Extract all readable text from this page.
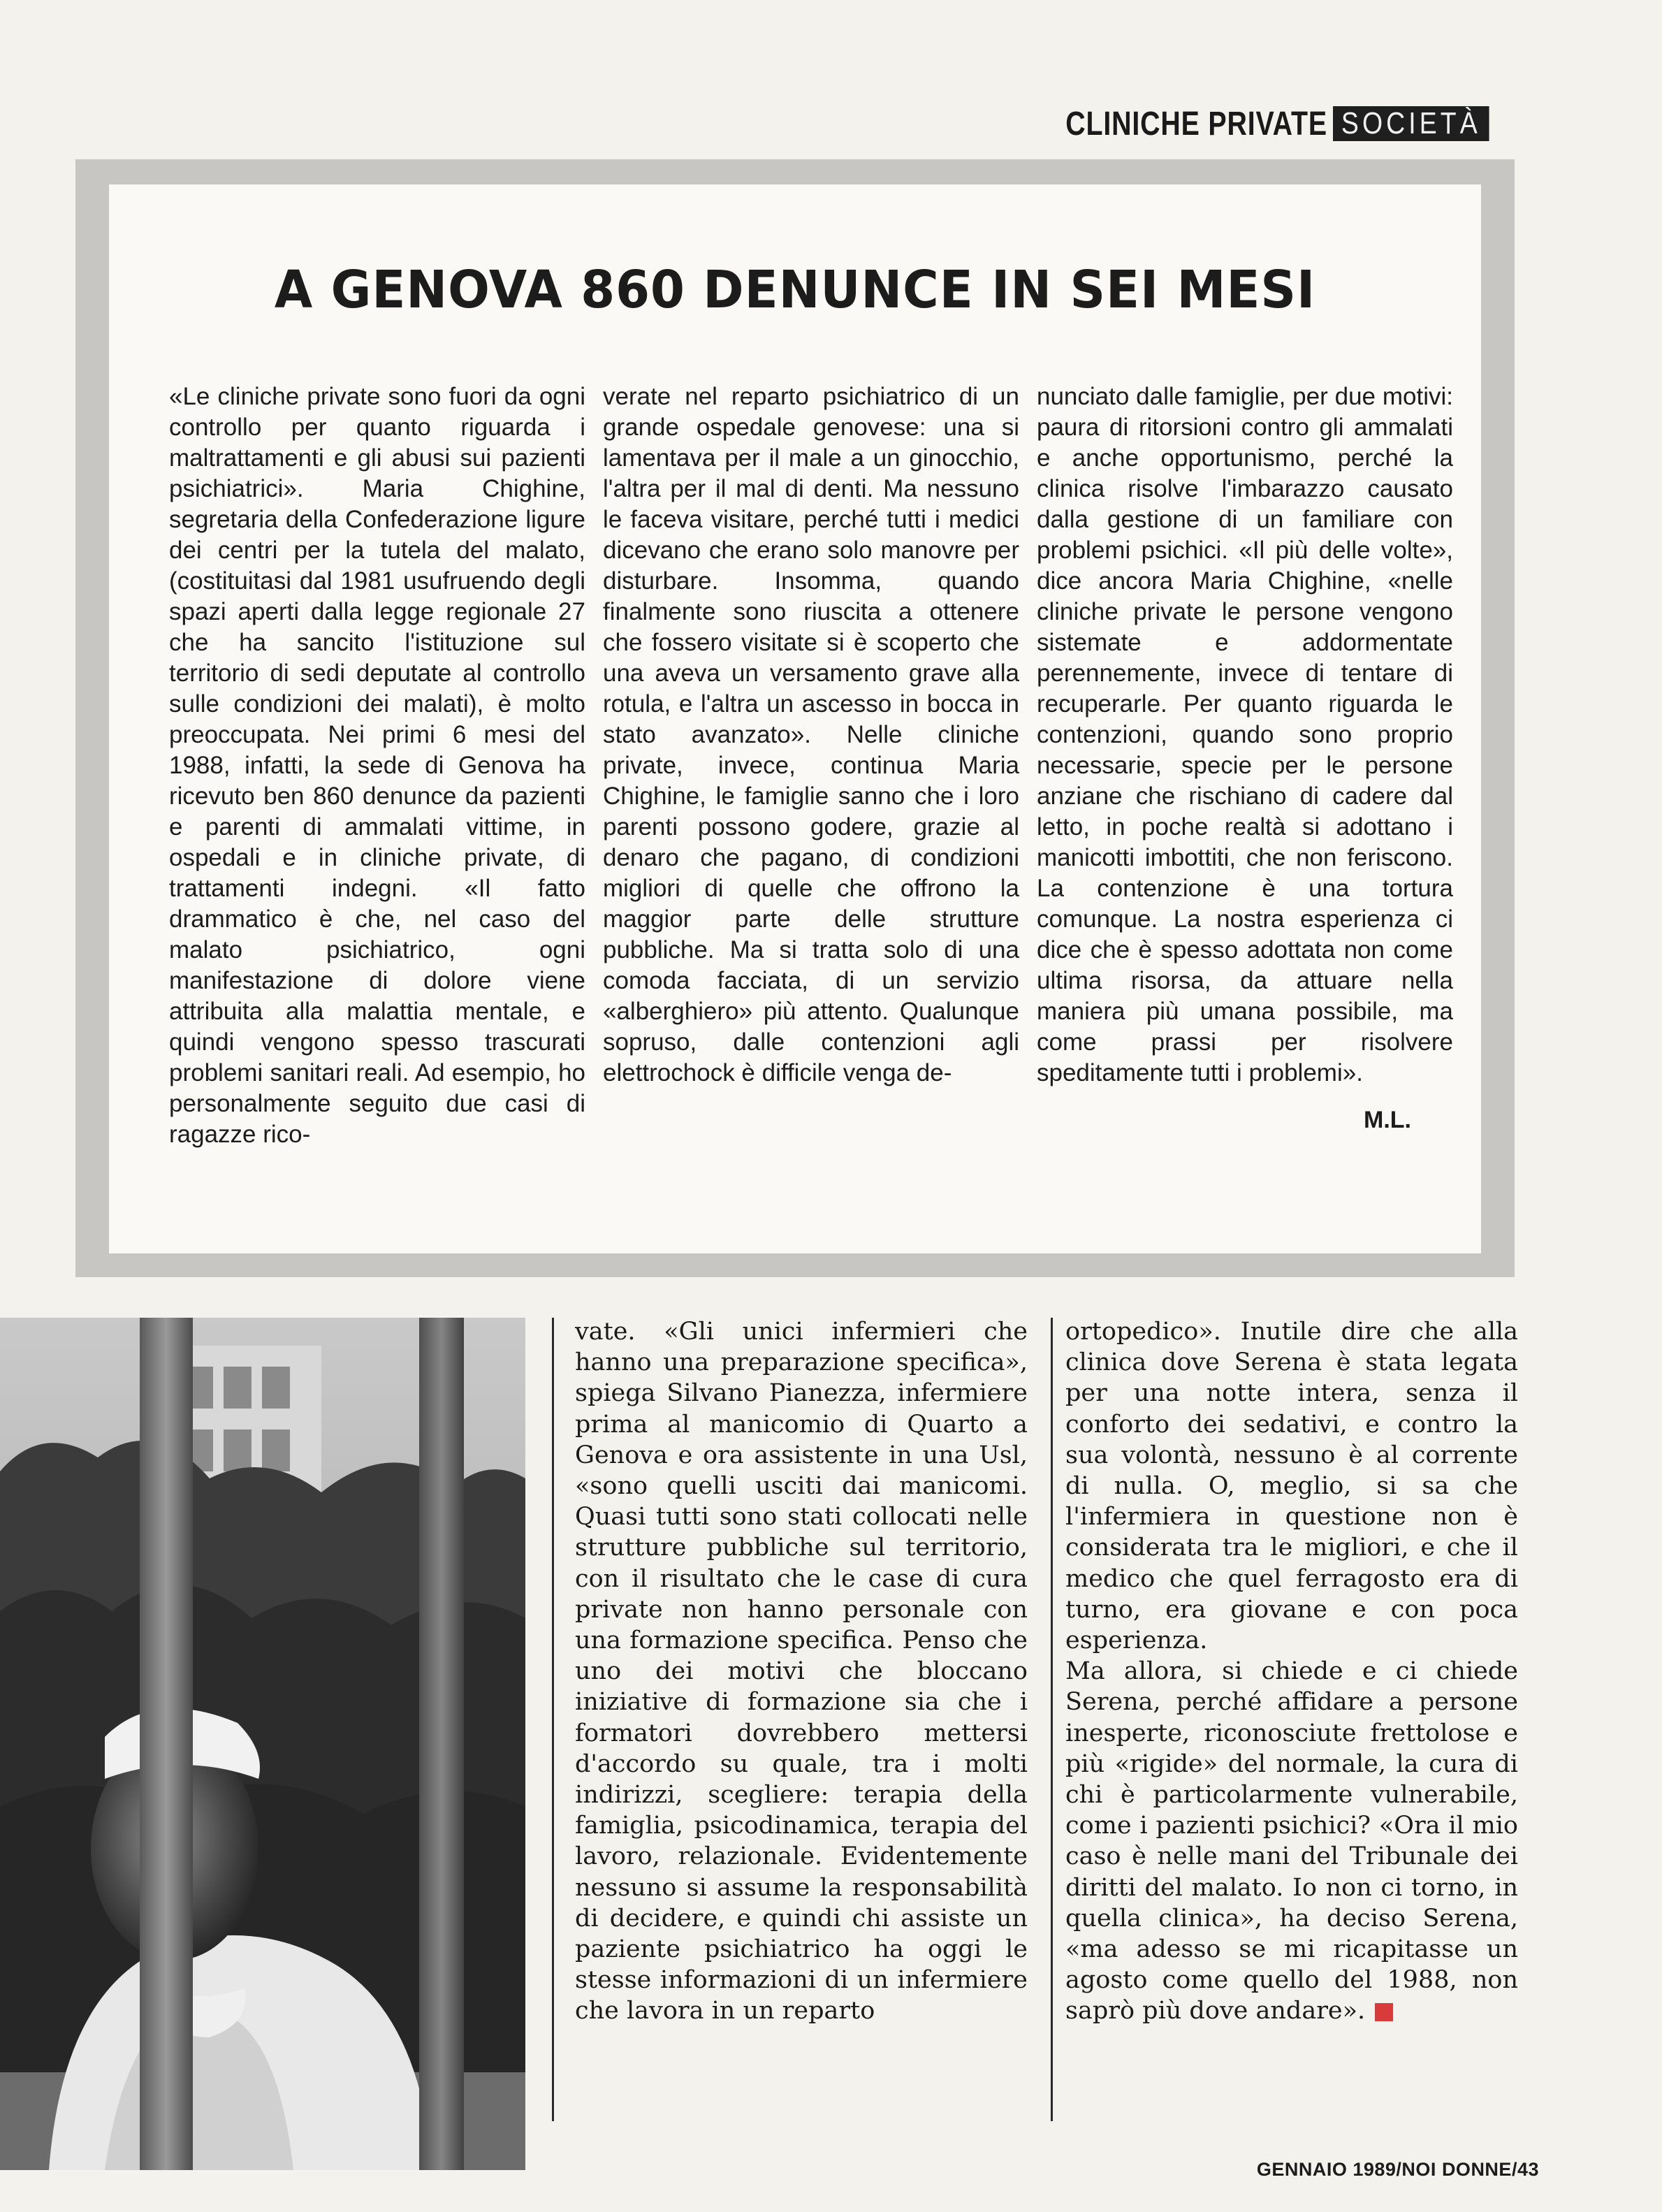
CLINICHE PRIVATE SOCIETÀ
A GENOVA 860 DENUNCE IN SEI MESI

«Le cliniche private sono fuori da ogni controllo per quanto riguarda i maltrattamenti e gli abusi sui pazienti psichiatrici». Maria Chighine, segretaria della Confederazione ligure dei centri per la tutela del malato, (costituitasi dal 1981 usufruendo degli spazi aperti dalla legge regionale 27 che ha sancito l'istituzione sul territorio di sedi deputate al controllo sulle condizioni dei malati), è molto preoccupata. Nei primi 6 mesi del 1988, infatti, la sede di Genova ha ricevuto ben 860 denunce da pazienti e parenti di ammalati vittime, in ospedali e in cliniche private, di trattamenti indegni. «Il fatto drammatico è che, nel caso del malato psichiatrico, ogni manifestazione di dolore viene attribuita alla malattia mentale, e quindi vengono spesso trascurati problemi sanitari reali. Ad esempio, ho personalmente seguito due casi di ragazze rico-

verate nel reparto psichiatrico di un grande ospedale genovese: una si lamentava per il male a un ginocchio, l'altra per il mal di denti. Ma nessuno le faceva visitare, perché tutti i medici dicevano che erano solo manovre per disturbare. Insomma, quando finalmente sono riuscita a ottenere che fossero visitate si è scoperto che una aveva un versamento grave alla rotula, e l'altra un ascesso in bocca in stato avanzato». Nelle cliniche private, invece, continua Maria Chighine, le famiglie sanno che i loro parenti possono godere, grazie al denaro che pagano, di condizioni migliori di quelle che offrono la maggior parte delle strutture pubbliche. Ma si tratta solo di una comoda facciata, di un servizio «alberghiero» più attento. Qualunque sopruso, dalle contenzioni agli elettrochock è difficile venga de-

nunciato dalle famiglie, per due motivi: paura di ritorsioni contro gli ammalati e anche opportunismo, perché la clinica risolve l'imbarazzo causato dalla gestione di un familiare con problemi psichici. «Il più delle volte», dice ancora Maria Chighine, «nelle cliniche private le persone vengono sistemate e addormentate perennemente, invece di tentare di recuperarle. Per quanto riguarda le contenzioni, quando sono proprio necessarie, specie per le persone anziane che rischiano di cadere dal letto, in poche realtà si adottano i manicotti imbottiti, che non feriscono. La contenzione è una tortura comunque. La nostra esperienza ci dice che è spesso adottata non come ultima risorsa, da attuare nella maniera più umana possibile, ma come prassi per risolvere speditamente tutti i problemi».

M.L.

vate. «Gli unici infermieri che hanno una preparazione specifica», spiega Silvano Pianezza, infermiere prima al manicomio di Quarto a Genova e ora assistente in una Usl, «sono quelli usciti dai manicomi. Quasi tutti sono stati collocati nelle strutture pubbliche sul territorio, con il risultato che le case di cura private non hanno personale con una formazione specifica. Penso che uno dei motivi che bloccano iniziative di formazione sia che i formatori dovrebbero mettersi d'accordo su quale, tra i molti indirizzi, scegliere: terapia della famiglia, psicodinamica, terapia del lavoro, relazionale. Evidentemente nessuno si assume la responsabilità di decidere, e quindi chi assiste un paziente psichiatrico ha oggi le stesse informazioni di un infermiere che lavora in un reparto

ortopedico». Inutile dire che alla clinica dove Serena è stata legata per una notte intera, senza il conforto dei sedativi, e contro la sua volontà, nessuno è al corrente di nulla. O, meglio, si sa che l'infermiera in questione non è considerata tra le migliori, e che il medico che quel ferragosto era di turno, era giovane e con poca esperienza.

Ma allora, si chiede e ci chiede Serena, perché affidare a persone inesperte, riconosciute frettolose e più «rigide» del normale, la cura di chi è particolarmente vulnerabile, come i pazienti psichici? «Ora il mio caso è nelle mani del Tribunale dei diritti del malato. Io non ci torno, in quella clinica», ha deciso Serena, «ma adesso se mi ricapitasse un agosto come quello del 1988, non saprò più dove andare».

GENNAIO 1989/NOI DONNE/43
